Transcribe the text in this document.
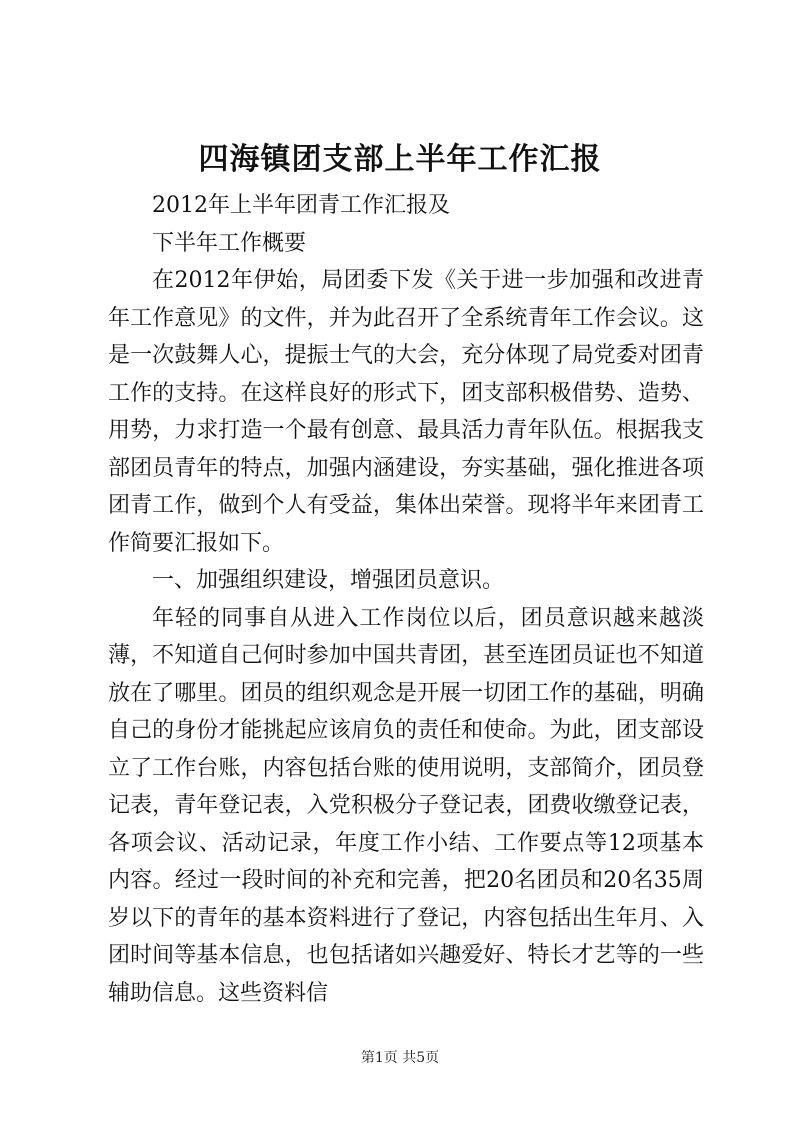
四海镇团支部上半年工作汇报

2012年上半年团青工作汇报及

下半年工作概要

在2012年伊始，局团委下发《关于进一步加强和改进青年工作意见》的文件，并为此召开了全系统青年工作会议。这是一次鼓舞人心，提振士气的大会，充分体现了局党委对团青工作的支持。在这样良好的形式下，团支部积极借势、造势、用势，力求打造一个最有创意、最具活力青年队伍。根据我支部团员青年的特点，加强内涵建设，夯实基础，强化推进各项团青工作，做到个人有受益，集体出荣誉。现将半年来团青工作简要汇报如下。

一、加强组织建设，增强团员意识。

年轻的同事自从进入工作岗位以后，团员意识越来越淡薄，不知道自己何时参加中国共青团，甚至连团员证也不知道放在了哪里。团员的组织观念是开展一切团工作的基础，明确自己的身份才能挑起应该肩负的责任和使命。为此，团支部设立了工作台账，内容包括台账的使用说明，支部简介，团员登记表，青年登记表，入党积极分子登记表，团费收缴登记表，各项会议、活动记录，年度工作小结、工作要点等12项基本内容。经过一段时间的补充和完善，把20名团员和20名35周岁以下的青年的基本资料进行了登记，内容包括出生年月、入团时间等基本信息，也包括诸如兴趣爱好、特长才艺等的一些辅助信息。这些资料信

第1页 共5页
